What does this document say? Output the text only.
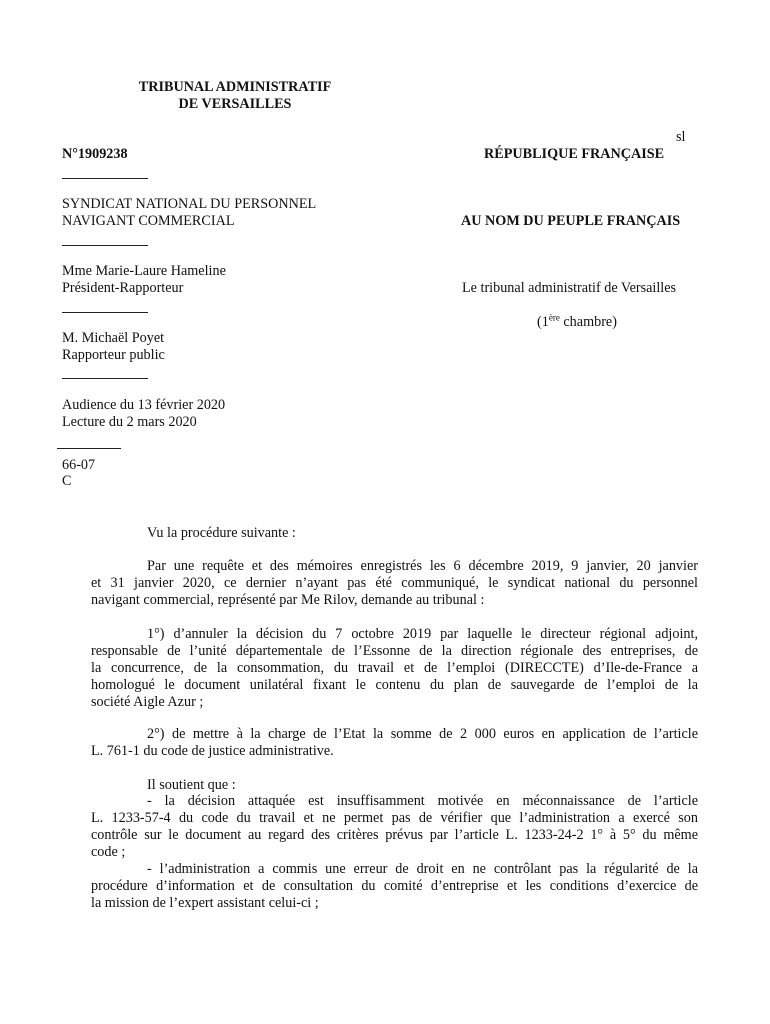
TRIBUNAL ADMINISTRATIF
DE VERSAILLES
sl
N°1909238	RÉPUBLIQUE FRANÇAISE
SYNDICAT NATIONAL DU PERSONNEL
NAVIGANT COMMERCIAL	AU NOM DU PEUPLE FRANÇAIS
Mme Marie-Laure Hameline
Président-Rapporteur	Le tribunal administratif de Versailles
(1ère chambre)
M. Michaël Poyet
Rapporteur public
Audience du 13 février 2020
Lecture du 2 mars 2020
66-07
C
Vu la procédure suivante :
Par une requête et des mémoires enregistrés les 6 décembre 2019, 9 janvier, 20 janvier
et 31 janvier 2020, ce dernier n’ayant pas été communiqué, le syndicat national du personnel
navigant commercial, représenté par Me Rilov, demande au tribunal :
1°) d’annuler la décision du 7 octobre 2019 par laquelle le directeur régional adjoint,
responsable de l’unité départementale de l’Essonne de la direction régionale des entreprises, de
la concurrence, de la consommation, du travail et de l’emploi (DIRECCTE) d’Ile-de-France a
homologué le document unilatéral fixant le contenu du plan de sauvegarde de l’emploi de la
société Aigle Azur ;
2°) de mettre à la charge de l’Etat la somme de 2 000 euros en application de l’article
L. 761-1 du code de justice administrative.
Il soutient que :
- la décision attaquée est insuffisamment motivée en méconnaissance de l’article
L. 1233-57-4 du code du travail et ne permet pas de vérifier que l’administration a exercé son
contrôle sur le document au regard des critères prévus par l’article L. 1233-24-2 1° à 5° du même
code ;
- l’administration a commis une erreur de droit en ne contrôlant pas la régularité de la
procédure d’information et de consultation du comité d’entreprise et les conditions d’exercice de
la mission de l’expert assistant celui-ci ;
